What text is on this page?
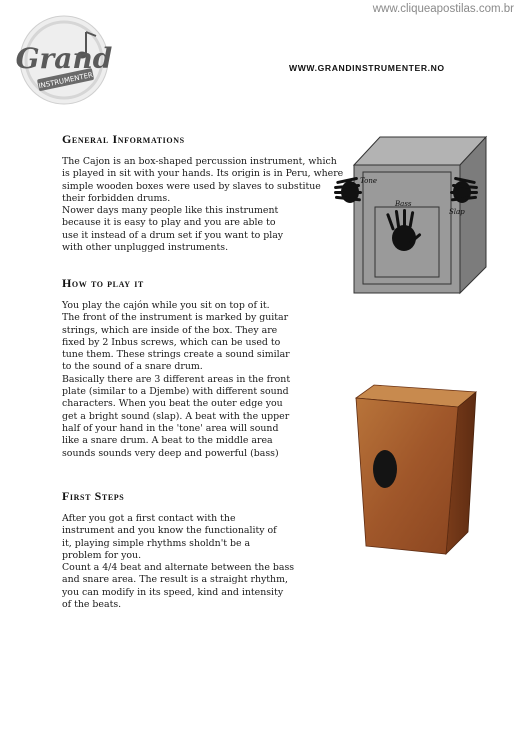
www.cliqueapostilas.com.br
Grand
INSTRUMENTER
WWW.GRANDINSTRUMENTER.NO
General Informations

The Cajon is an box-shaped percussion instrument, which
is played in sit with your hands. Its origin is in Peru, where
simple wooden boxes were used by slaves to substitue
their forbidden drums.
Nower days many people like this instrument
because it is easy to play and you are able to
use it instead of a drum set if you want to play
with other unplugged instruments.

How to play it

You play the cajón while you sit on top of it.
The front of the instrument is marked by guitar
strings, which are inside of the box. They are
fixed by 2 Inbus screws, which can be used to
tune them. These strings create a sound similar
to the sound of a snare drum.
Basically there are 3 different areas in the front
plate (similar to a Djembe) with different sound
characters. When you beat the outer edge you
get a bright sound (slap). A beat with the upper
half of your hand in the 'tone' area will sound
like a snare drum. A beat to the middle area
sounds sounds very deep and powerful (bass)

First Steps

After you got a first contact with the
instrument and you know the functionality of
it, playing simple rhythms sholdn't be a
problem for you.
Count a 4/4 beat and alternate between the bass
and snare area. The result is a straight rhythm,
you can modify in its speed, kind and intensity
of the beats.

Tone
Bass
Slap
